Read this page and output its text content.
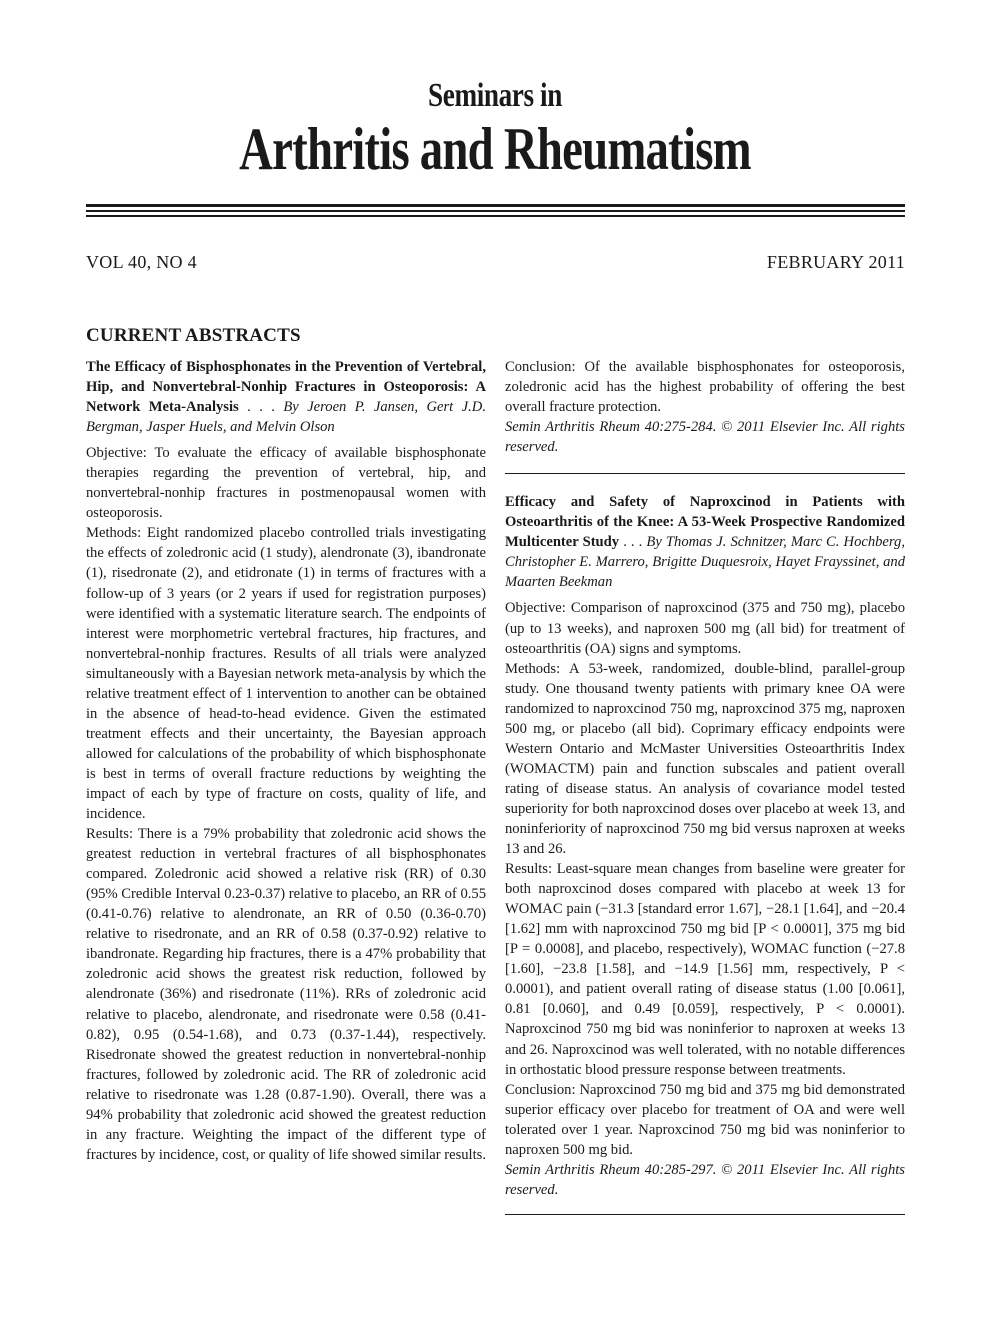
Seminars in
Arthritis and Rheumatism
VOL 40, NO 4	FEBRUARY 2011
CURRENT ABSTRACTS

The Efficacy of Bisphosphonates in the Prevention of Vertebral, Hip, and Nonvertebral-Nonhip Fractures in Osteoporosis: A Network Meta-Analysis . . . By Jeroen P. Jansen, Gert J.D. Bergman, Jasper Huels, and Melvin Olson

Objective: To evaluate the efficacy of available bisphosphonate therapies regarding the prevention of vertebral, hip, and nonvertebral-nonhip fractures in postmenopausal women with osteoporosis.

Methods: Eight randomized placebo controlled trials investigating the effects of zoledronic acid (1 study), alendronate (3), ibandronate (1), risedronate (2), and etidronate (1) in terms of fractures with a follow-up of 3 years (or 2 years if used for registration purposes) were identified with a systematic literature search. The endpoints of interest were morphometric vertebral fractures, hip fractures, and nonvertebral-nonhip fractures. Results of all trials were analyzed simultaneously with a Bayesian network meta-analysis by which the relative treatment effect of 1 intervention to another can be obtained in the absence of head-to-head evidence. Given the estimated treatment effects and their uncertainty, the Bayesian approach allowed for calculations of the probability of which bisphosphonate is best in terms of overall fracture reductions by weighting the impact of each by type of fracture on costs, quality of life, and incidence.

Results: There is a 79% probability that zoledronic acid shows the greatest reduction in vertebral fractures of all bisphosphonates compared. Zoledronic acid showed a relative risk (RR) of 0.30 (95% Credible Interval 0.23-0.37) relative to placebo, an RR of 0.55 (0.41-0.76) relative to alendronate, an RR of 0.50 (0.36-0.70) relative to risedronate, and an RR of 0.58 (0.37-0.92) relative to ibandronate. Regarding hip fractures, there is a 47% probability that zoledronic acid shows the greatest risk reduction, followed by alendronate (36%) and risedronate (11%). RRs of zoledronic acid relative to placebo, alendronate, and risedronate were 0.58 (0.41-0.82), 0.95 (0.54-1.68), and 0.73 (0.37-1.44), respectively. Risedronate showed the greatest reduction in nonvertebral-nonhip fractures, followed by zoledronic acid. The RR of zoledronic acid relative to risedronate was 1.28 (0.87-1.90). Overall, there was a 94% probability that zoledronic acid showed the greatest reduction in any fracture. Weighting the impact of the different type of fractures by incidence, cost, or quality of life showed similar results.

Conclusion: Of the available bisphosphonates for osteoporosis, zoledronic acid has the highest probability of offering the best overall fracture protection.

Semin Arthritis Rheum 40:275-284. © 2011 Elsevier Inc. All rights reserved.

Efficacy and Safety of Naproxcinod in Patients with Osteoarthritis of the Knee: A 53-Week Prospective Randomized Multicenter Study . . . By Thomas J. Schnitzer, Marc C. Hochberg, Christopher E. Marrero, Brigitte Duquesroix, Hayet Frayssinet, and Maarten Beekman

Objective: Comparison of naproxcinod (375 and 750 mg), placebo (up to 13 weeks), and naproxen 500 mg (all bid) for treatment of osteoarthritis (OA) signs and symptoms.

Methods: A 53-week, randomized, double-blind, parallel-group study. One thousand twenty patients with primary knee OA were randomized to naproxcinod 750 mg, naproxcinod 375 mg, naproxen 500 mg, or placebo (all bid). Coprimary efficacy endpoints were Western Ontario and McMaster Universities Osteoarthritis Index (WOMACTM) pain and function subscales and patient overall rating of disease status. An analysis of covariance model tested superiority for both naproxcinod doses over placebo at week 13, and noninferiority of naproxcinod 750 mg bid versus naproxen at weeks 13 and 26.

Results: Least-square mean changes from baseline were greater for both naproxcinod doses compared with placebo at week 13 for WOMAC pain (−31.3 [standard error 1.67], −28.1 [1.64], and −20.4 [1.62] mm with naproxcinod 750 mg bid [P < 0.0001], 375 mg bid [P = 0.0008], and placebo, respectively), WOMAC function (−27.8 [1.60], −23.8 [1.58], and −14.9 [1.56] mm, respectively, P < 0.0001), and patient overall rating of disease status (1.00 [0.061], 0.81 [0.060], and 0.49 [0.059], respectively, P < 0.0001). Naproxcinod 750 mg bid was noninferior to naproxen at weeks 13 and 26. Naproxcinod was well tolerated, with no notable differences in orthostatic blood pressure response between treatments.

Conclusion: Naproxcinod 750 mg bid and 375 mg bid demonstrated superior efficacy over placebo for treatment of OA and were well tolerated over 1 year. Naproxcinod 750 mg bid was noninferior to naproxen 500 mg bid.

Semin Arthritis Rheum 40:285-297. © 2011 Elsevier Inc. All rights reserved.
